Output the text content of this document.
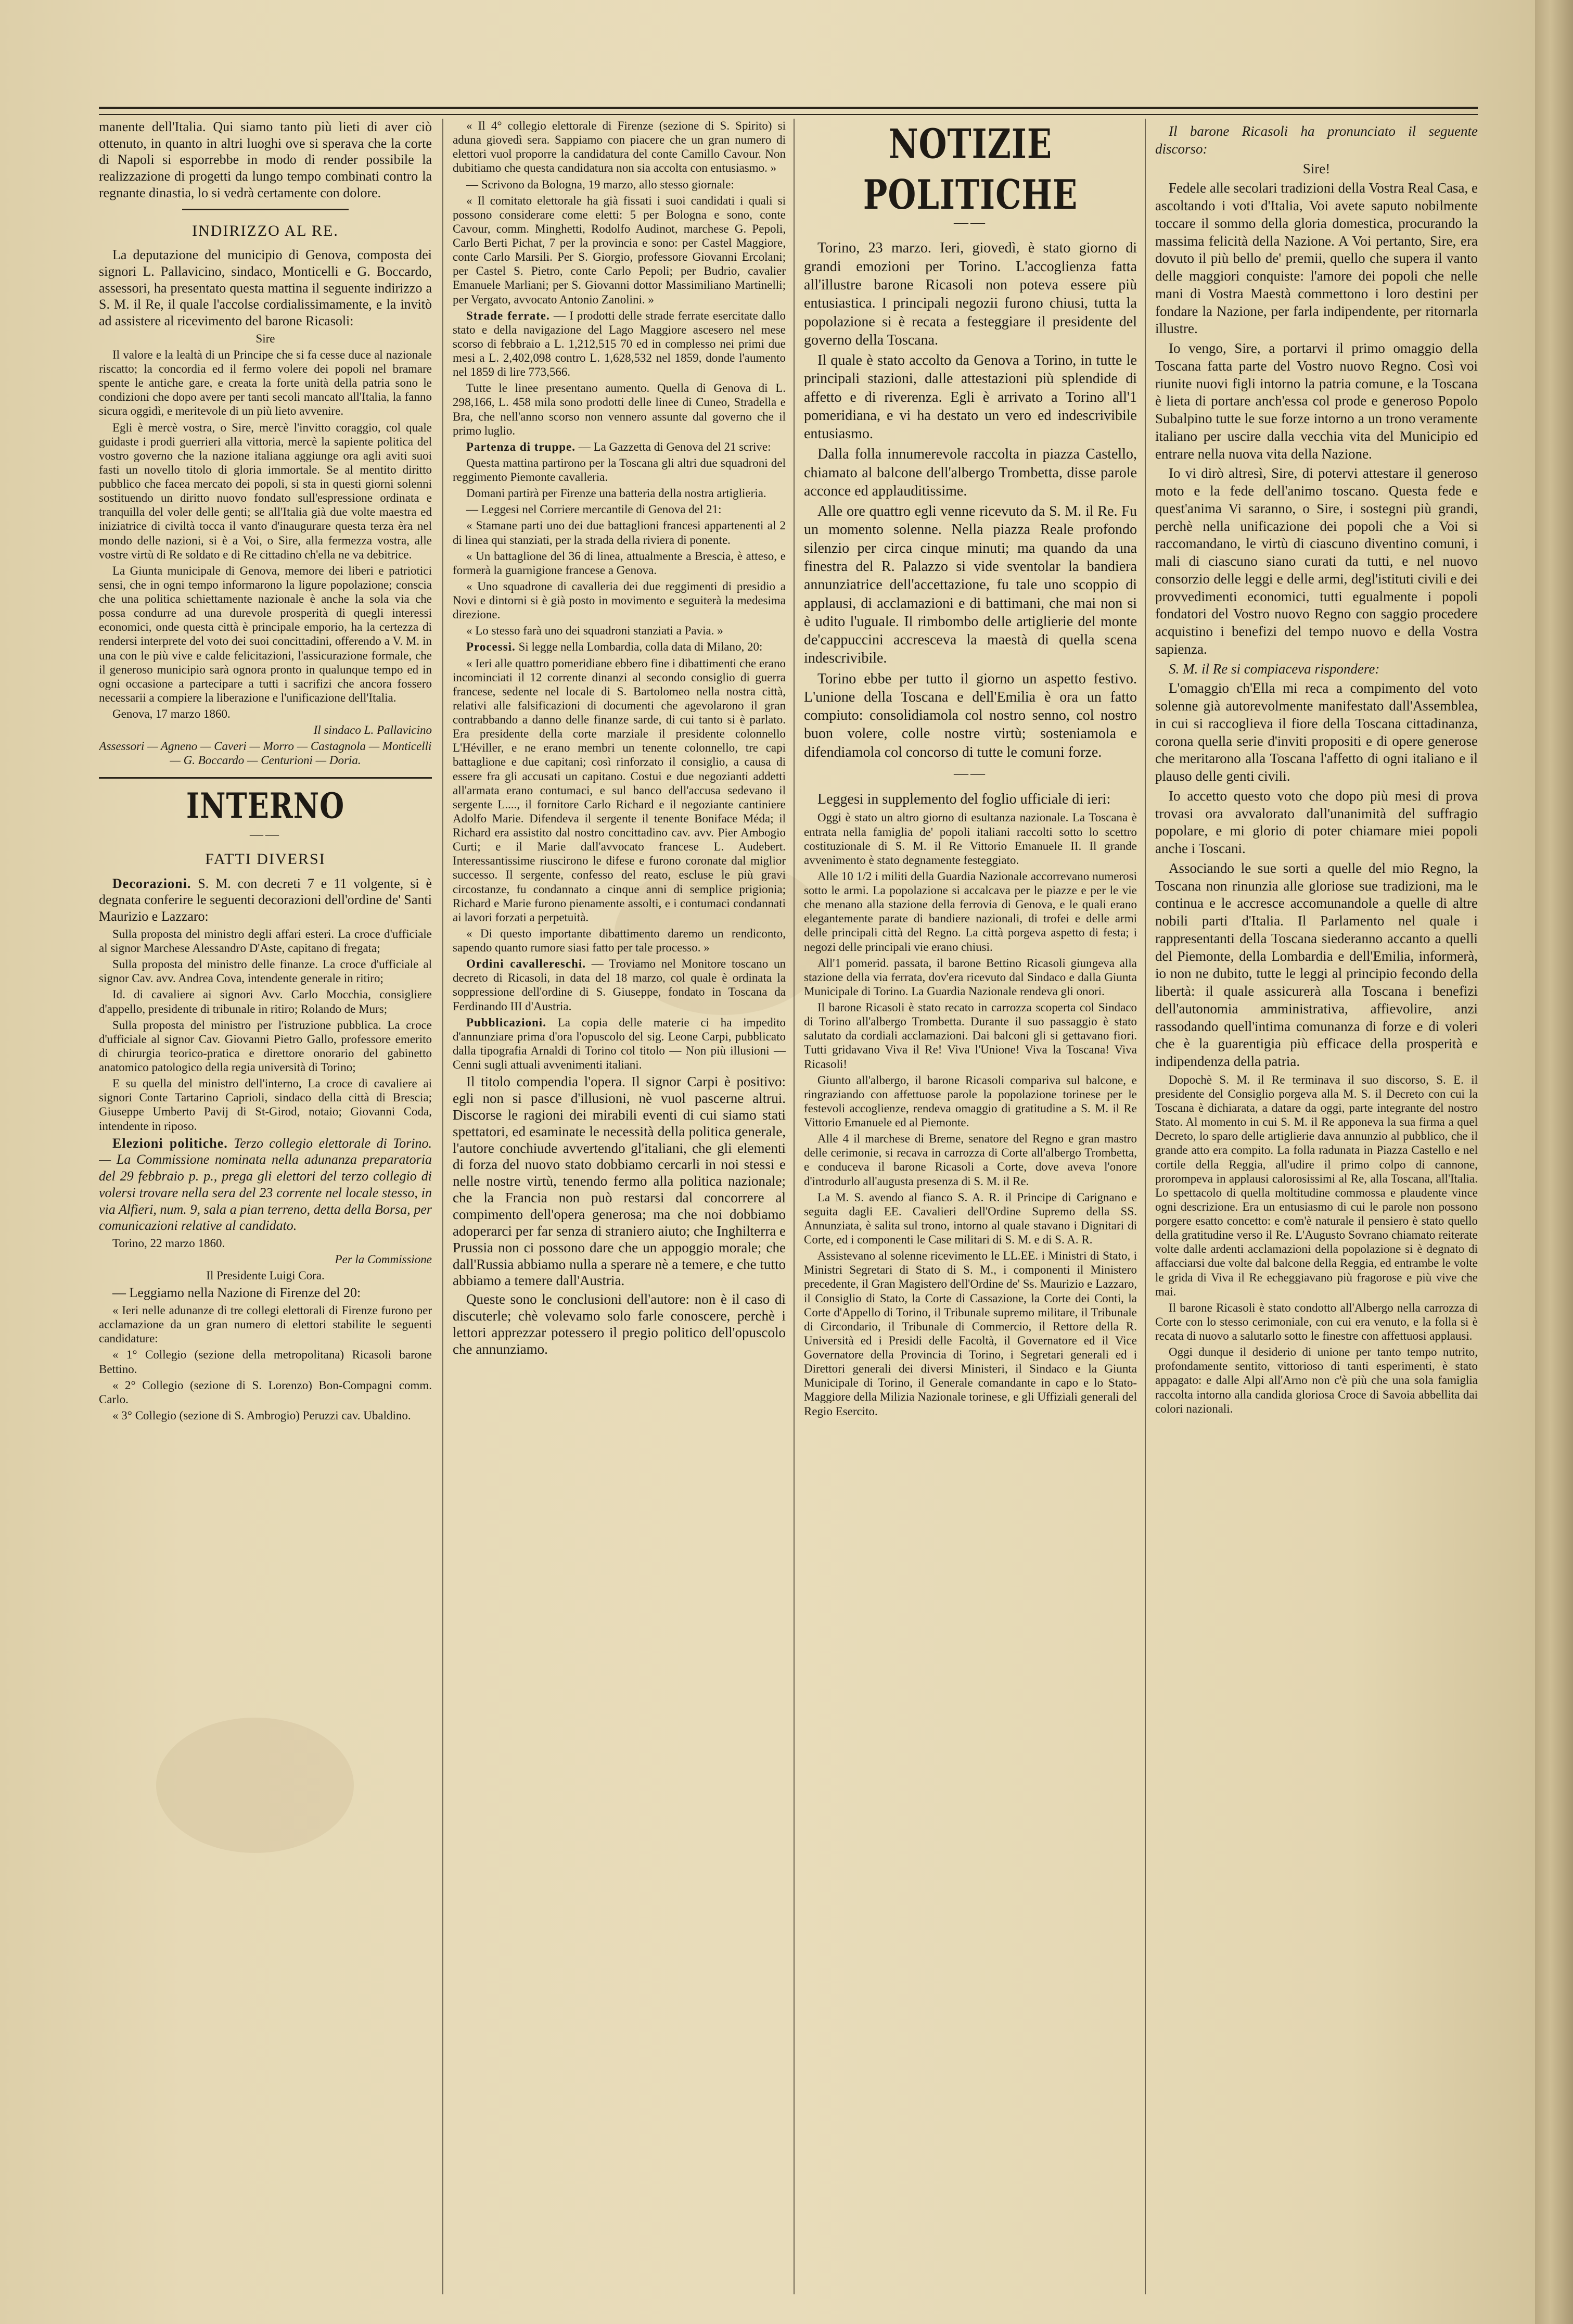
manente dell'Italia. Qui siamo tanto più lieti di aver ciò ottenuto, in quanto in altri luoghi ove si sperava che la corte di Napoli si esporrebbe in modo di render possibile la realizzazione di progetti da lungo tempo combinati contro la regnante dinastia, lo si vedrà certamente con dolore.

INDIRIZZO AL RE.

La deputazione del municipio di Genova, composta dei signori L. Pallavicino, sindaco, Monticelli e G. Boccardo, assessori, ha presentato questa mattina il seguente indirizzo a S. M. il Re, il quale l'accolse cordialissimamente, e la invitò ad assistere al ricevimento del barone Ricasoli:

Sire

Il valore e la lealtà di un Principe che si fa cesse duce al nazionale riscatto; la concordia ed il fermo volere dei popoli nel bramare spente le antiche gare, e creata la forte unità della patria sono le condizioni che dopo avere per tanti secoli mancato all'Italia, la fanno sicura oggidì, e meritevole di un più lieto avvenire.

Egli è mercè vostra, o Sire, mercè l'invitto coraggio, col quale guidaste i prodi guerrieri alla vittoria, mercè la sapiente politica del vostro governo che la nazione italiana aggiunge ora agli aviti suoi fasti un novello titolo di gloria immortale. Se al mentito diritto pubblico che facea mercato dei popoli, si sta in questi giorni solenni sostituendo un diritto nuovo fondato sull'espressione ordinata e tranquilla del voler delle genti; se all'Italia già due volte maestra ed iniziatrice di civiltà tocca il vanto d'inaugurare questa terza èra nel mondo delle nazioni, si è a Voi, o Sire, alla fermezza vostra, alle vostre virtù di Re soldato e di Re cittadino ch'ella ne va debitrice.

La Giunta municipale di Genova, memore dei liberi e patriotici sensi, che in ogni tempo informarono la ligure popolazione; conscia che una politica schiettamente nazionale è anche la sola via che possa condurre ad una durevole prosperità di quegli interessi economici, onde questa città è principale emporio, ha la certezza di rendersi interprete del voto dei suoi concittadini, offerendo a V. M. in una con le più vive e calde felicitazioni, l'assicurazione formale, che il generoso municipio sarà ognora pronto in qualunque tempo ed in ogni occasione a partecipare a tutti i sacrifizi che ancora fossero necessarii a compiere la liberazione e l'unificazione dell'Italia.

Genova, 17 marzo 1860.

Il sindaco L. Pallavicino

Assessori — Agneno — Caveri — Morro — Castagnola — Monticelli — G. Boccardo — Centurioni — Doria.

INTERNO
——
FATTI DIVERSI

Decorazioni. S. M. con decreti 7 e 11 volgente, si è degnata conferire le seguenti decorazioni dell'ordine de' Santi Maurizio e Lazzaro:

Sulla proposta del ministro degli affari esteri. La croce d'ufficiale al signor Marchese Alessandro D'Aste, capitano di fregata;

Sulla proposta del ministro delle finanze. La croce d'ufficiale al signor Cav. avv. Andrea Cova, intendente generale in ritiro;

Id. di cavaliere ai signori Avv. Carlo Mocchia, consigliere d'appello, presidente di tribunale in ritiro; Rolando de Murs;

Sulla proposta del ministro per l'istruzione pubblica. La croce d'ufficiale al signor Cav. Giovanni Pietro Gallo, professore emerito di chirurgia teorico-pratica e direttore onorario del gabinetto anatomico patologico della regia università di Torino;

E su quella del ministro dell'interno, La croce di cavaliere ai signori Conte Tartarino Caprioli, sindaco della città di Brescia; Giuseppe Umberto Pavij di St-Girod, notaio; Giovanni Coda, intendente in riposo.

Elezioni politiche. Terzo collegio elettorale di Torino. — La Commissione nominata nella adunanza preparatoria del 29 febbraio p. p., prega gli elettori del terzo collegio di volersi trovare nella sera del 23 corrente nel locale stesso, in via Alfieri, num. 9, sala a pian terreno, detta della Borsa, per comunicazioni relative al candidato.

Torino, 22 marzo 1860.

Per la Commissione

Il Presidente Luigi Cora.

— Leggiamo nella Nazione di Firenze del 20:

« Ieri nelle adunanze di tre collegi elettorali di Firenze furono per acclamazione da un gran numero di elettori stabilite le seguenti candidature:

« 1° Collegio (sezione della metropolitana) Ricasoli barone Bettino.

« 2° Collegio (sezione di S. Lorenzo) Bon-Compagni comm. Carlo.

« 3° Collegio (sezione di S. Ambrogio) Peruzzi cav. Ubaldino.

« Il 4° collegio elettorale di Firenze (sezione di S. Spirito) si aduna giovedì sera. Sappiamo con piacere che un gran numero di elettori vuol proporre la candidatura del conte Camillo Cavour. Non dubitiamo che questa candidatura non sia accolta con entusiasmo. »

— Scrivono da Bologna, 19 marzo, allo stesso giornale:

« Il comitato elettorale ha già fissati i suoi candidati i quali si possono considerare come eletti: 5 per Bologna e sono, conte Cavour, comm. Minghetti, Rodolfo Audinot, marchese G. Pepoli, Carlo Berti Pichat, 7 per la provincia e sono: per Castel Maggiore, conte Carlo Marsili. Per S. Giorgio, professore Giovanni Ercolani; per Castel S. Pietro, conte Carlo Pepoli; per Budrio, cavalier Emanuele Marliani; per S. Giovanni dottor Massimiliano Martinelli; per Vergato, avvocato Antonio Zanolini. »

Strade ferrate. — I prodotti delle strade ferrate esercitate dallo stato e della navigazione del Lago Maggiore ascesero nel mese scorso di febbraio a L. 1,212,515 70 ed in complesso nei primi due mesi a L. 2,402,098 contro L. 1,628,532 nel 1859, donde l'aumento nel 1859 di lire 773,566.

Tutte le linee presentano aumento. Quella di Genova di L. 298,166, L. 458 mila sono prodotti delle linee di Cuneo, Stradella e Bra, che nell'anno scorso non vennero assunte dal governo che il primo luglio.

Partenza di truppe. — La Gazzetta di Genova del 21 scrive:

Questa mattina partirono per la Toscana gli altri due squadroni del reggimento Piemonte cavalleria.

Domani partirà per Firenze una batteria della nostra artiglieria.

— Leggesi nel Corriere mercantile di Genova del 21:

« Stamane parti uno dei due battaglioni francesi appartenenti al 2 di linea qui stanziati, per la strada della riviera di ponente.

« Un battaglione del 36 di linea, attualmente a Brescia, è atteso, e formerà la guarnigione francese a Genova.

« Uno squadrone di cavalleria dei due reggimenti di presidio a Novi e dintorni si è già posto in movimento e seguiterà la medesima direzione.

« Lo stesso farà uno dei squadroni stanziati a Pavia. »

Processi. Si legge nella Lombardia, colla data di Milano, 20:

« Ieri alle quattro pomeridiane ebbero fine i dibattimenti che erano incominciati il 12 corrente dinanzi al secondo consiglio di guerra francese, sedente nel locale di S. Bartolomeo nella nostra città, relativi alle falsificazioni di documenti che agevolarono il gran contrabbando a danno delle finanze sarde, di cui tanto si è parlato. Era presidente della corte marziale il presidente colonnello L'Héviller, e ne erano membri un tenente colonnello, tre capi battaglione e due capitani; così rinforzato il consiglio, a causa di essere fra gli accusati un capitano. Costui e due negozianti addetti all'armata erano contumaci, e sul banco dell'accusa sedevano il sergente L...., il fornitore Carlo Richard e il negoziante cantiniere Adolfo Marie. Difendeva il sergente il tenente Boniface Méda; il Richard era assistito dal nostro concittadino cav. avv. Pier Ambogio Curti; e il Marie dall'avvocato francese L. Audebert. Interessantissime riuscirono le difese e furono coronate dal miglior successo. Il sergente, confesso del reato, escluse le più gravi circostanze, fu condannato a cinque anni di semplice prigionia; Richard e Marie furono pienamente assolti, e i contumaci condannati ai lavori forzati a perpetuità.

« Di questo importante dibattimento daremo un rendiconto, sapendo quanto rumore siasi fatto per tale processo. »

Ordini cavallereschi. — Troviamo nel Monitore toscano un decreto di Ricasoli, in data del 18 marzo, col quale è ordinata la soppressione dell'ordine di S. Giuseppe, fondato in Toscana da Ferdinando III d'Austria.

Pubblicazioni. La copia delle materie ci ha impedito d'annunziare prima d'ora l'opuscolo del sig. Leone Carpi, pubblicato dalla tipografia Arnaldi di Torino col titolo — Non più illusioni — Cenni sugli attuali avvenimenti italiani.

Il titolo compendia l'opera. Il signor Carpi è positivo: egli non si pasce d'illusioni, nè vuol pascerne altrui. Discorse le ragioni dei mirabili eventi di cui siamo stati spettatori, ed esaminate le necessità della politica generale, l'autore conchiude avvertendo gl'italiani, che gli elementi di forza del nuovo stato dobbiamo cercarli in noi stessi e nelle nostre virtù, tenendo fermo alla politica nazionale; che la Francia non può restarsi dal concorrere al compimento dell'opera generosa; ma che noi dobbiamo adoperarci per far senza di straniero aiuto; che Inghilterra e Prussia non ci possono dare che un appoggio morale; che dall'Russia abbiamo nulla a sperare nè a temere, e che tutto abbiamo a temere dall'Austria.

Queste sono le conclusioni dell'autore: non è il caso di discuterle; chè volevamo solo farle conoscere, perchè i lettori apprezzar potessero il pregio politico dell'opuscolo che annunziamo.

NOTIZIE POLITICHE
——

Torino, 23 marzo. Ieri, giovedì, è stato giorno di grandi emozioni per Torino. L'accoglienza fatta all'illustre barone Ricasoli non poteva essere più entusiastica. I principali negozii furono chiusi, tutta la popolazione si è recata a festeggiare il presidente del governo della Toscana.

Il quale è stato accolto da Genova a Torino, in tutte le principali stazioni, dalle attestazioni più splendide di affetto e di riverenza. Egli è arrivato a Torino all'1 pomeridiana, e vi ha destato un vero ed indescrivibile entusiasmo.

Dalla folla innumerevole raccolta in piazza Castello, chiamato al balcone dell'albergo Trombetta, disse parole acconce ed applauditissime.

Alle ore quattro egli venne ricevuto da S. M. il Re. Fu un momento solenne. Nella piazza Reale profondo silenzio per circa cinque minuti; ma quando da una finestra del R. Palazzo si vide sventolar la bandiera annunziatrice dell'accettazione, fu tale uno scoppio di applausi, di acclamazioni e di battimani, che mai non si è udito l'uguale. Il rimbombo delle artiglierie del monte de'cappuccini accresceva la maestà di quella scena indescrivibile.

Torino ebbe per tutto il giorno un aspetto festivo. L'unione della Toscana e dell'Emilia è ora un fatto compiuto: consolidiamola col nostro senno, col nostro buon volere, colle nostre virtù; sosteniamola e difendiamola col concorso di tutte le comuni forze.

——

Leggesi in supplemento del foglio ufficiale di ieri:

Oggi è stato un altro giorno di esultanza nazionale. La Toscana è entrata nella famiglia de' popoli italiani raccolti sotto lo scettro costituzionale di S. M. il Re Vittorio Emanuele II. Il grande avvenimento è stato degnamente festeggiato.

Alle 10 1/2 i militi della Guardia Nazionale accorrevano numerosi sotto le armi. La popolazione si accalcava per le piazze e per le vie che menano alla stazione della ferrovia di Genova, e le quali erano elegantemente parate di bandiere nazionali, di trofei e delle armi delle principali città del Regno. La città porgeva aspetto di festa; i negozi delle principali vie erano chiusi.

All'1 pomerid. passata, il barone Bettino Ricasoli giungeva alla stazione della via ferrata, dov'era ricevuto dal Sindaco e dalla Giunta Municipale di Torino. La Guardia Nazionale rendeva gli onori.

Il barone Ricasoli è stato recato in carrozza scoperta col Sindaco di Torino all'albergo Trombetta. Durante il suo passaggio è stato salutato da cordiali acclamazioni. Dai balconi gli si gettavano fiori. Tutti gridavano Viva il Re! Viva l'Unione! Viva la Toscana! Viva Ricasoli!

Giunto all'albergo, il barone Ricasoli compariva sul balcone, e ringraziando con affettuose parole la popolazione torinese per le festevoli accoglienze, rendeva omaggio di gratitudine a S. M. il Re Vittorio Emanuele ed al Piemonte.

Alle 4 il marchese di Breme, senatore del Regno e gran mastro delle cerimonie, si recava in carrozza di Corte all'albergo Trombetta, e conduceva il barone Ricasoli a Corte, dove aveva l'onore d'introdurlo all'augusta presenza di S. M. il Re.

La M. S. avendo al fianco S. A. R. il Principe di Carignano e seguita dagli EE. Cavalieri dell'Ordine Supremo della SS. Annunziata, è salita sul trono, intorno al quale stavano i Dignitari di Corte, ed i componenti le Case militari di S. M. e di S. A. R.

Assistevano al solenne ricevimento le LL.EE. i Ministri di Stato, i Ministri Segretari di Stato di S. M., i componenti il Ministero precedente, il Gran Magistero dell'Ordine de' Ss. Maurizio e Lazzaro, il Consiglio di Stato, la Corte di Cassazione, la Corte dei Conti, la Corte d'Appello di Torino, il Tribunale supremo militare, il Tribunale di Circondario, il Tribunale di Commercio, il Rettore della R. Università ed i Presidi delle Facoltà, il Governatore ed il Vice Governatore della Provincia di Torino, i Segretari generali ed i Direttori generali dei diversi Ministeri, il Sindaco e la Giunta Municipale di Torino, il Generale comandante in capo e lo Stato-Maggiore della Milizia Nazionale torinese, e gli Uffiziali generali del Regio Esercito.

Il barone Ricasoli ha pronunciato il seguente discorso:

Sire!

Fedele alle secolari tradizioni della Vostra Real Casa, e ascoltando i voti d'Italia, Voi avete saputo nobilmente toccare il sommo della gloria domestica, procurando la massima felicità della Nazione. A Voi pertanto, Sire, era dovuto il più bello de' premii, quello che supera il vanto delle maggiori conquiste: l'amore dei popoli che nelle mani di Vostra Maestà commettono i loro destini per fondare la Nazione, per farla indipendente, per ritornarla illustre.

Io vengo, Sire, a portarvi il primo omaggio della Toscana fatta parte del Vostro nuovo Regno. Così voi riunite nuovi figli intorno la patria comune, e la Toscana è lieta di portare anch'essa col prode e generoso Popolo Subalpino tutte le sue forze intorno a un trono veramente italiano per uscire dalla vecchia vita del Municipio ed entrare nella nuova vita della Nazione.

Io vi dirò altresì, Sire, di potervi attestare il generoso moto e la fede dell'animo toscano. Questa fede e quest'anima Vi saranno, o Sire, i sostegni più grandi, perchè nella unificazione dei popoli che a Voi si raccomandano, le virtù di ciascuno diventino comuni, i mali di ciascuno siano curati da tutti, e nel nuovo consorzio delle leggi e delle armi, degl'istituti civili e dei provvedimenti economici, tutti egualmente i popoli fondatori del Vostro nuovo Regno con saggio procedere acquistino i benefizi del tempo nuovo e della Vostra sapienza.

S. M. il Re si compiaceva rispondere:

L'omaggio ch'Ella mi reca a compimento del voto solenne già autorevolmente manifestato dall'Assemblea, in cui si raccoglieva il fiore della Toscana cittadinanza, corona quella serie d'inviti propositi e di opere generose che meritarono alla Toscana l'affetto di ogni italiano e il plauso delle genti civili.

Io accetto questo voto che dopo più mesi di prova trovasi ora avvalorato dall'unanimità del suffragio popolare, e mi glorio di poter chiamare miei popoli anche i Toscani.

Associando le sue sorti a quelle del mio Regno, la Toscana non rinunzia alle gloriose sue tradizioni, ma le continua e le accresce accomunandole a quelle di altre nobili parti d'Italia. Il Parlamento nel quale i rappresentanti della Toscana siederanno accanto a quelli del Piemonte, della Lombardia e dell'Emilia, informerà, io non ne dubito, tutte le leggi al principio fecondo della libertà: il quale assicurerà alla Toscana i benefizi dell'autonomia amministrativa, affievolire, anzi rassodando quell'intima comunanza di forze e di voleri che è la guarentigia più efficace della prosperità e indipendenza della patria.

Dopochè S. M. il Re terminava il suo discorso, S. E. il presidente del Consiglio porgeva alla M. S. il Decreto con cui la Toscana è dichiarata, a datare da oggi, parte integrante del nostro Stato. Al momento in cui S. M. il Re apponeva la sua firma a quel Decreto, lo sparo delle artiglierie dava annunzio al pubblico, che il grande atto era compito. La folla radunata in Piazza Castello e nel cortile della Reggia, all'udire il primo colpo di cannone, prorompeva in applausi calorosissimi al Re, alla Toscana, all'Italia. Lo spettacolo di quella moltitudine commossa e plaudente vince ogni descrizione. Era un entusiasmo di cui le parole non possono porgere esatto concetto: e com'è naturale il pensiero è stato quello della gratitudine verso il Re. L'Augusto Sovrano chiamato reiterate volte dalle ardenti acclamazioni della popolazione si è degnato di affacciarsi due volte dal balcone della Reggia, ed entrambe le volte le grida di Viva il Re echeggiavano più fragorose e più vive che mai.

Il barone Ricasoli è stato condotto all'Albergo nella carrozza di Corte con lo stesso cerimoniale, con cui era venuto, e la folla si è recata di nuovo a salutarlo sotto le finestre con affettuosi applausi.

Oggi dunque il desiderio di unione per tanto tempo nutrito, profondamente sentito, vittorioso di tanti esperimenti, è stato appagato: e dalle Alpi all'Arno non c'è più che una sola famiglia raccolta intorno alla candida gloriosa Croce di Savoia abbellita dai colori nazionali.
